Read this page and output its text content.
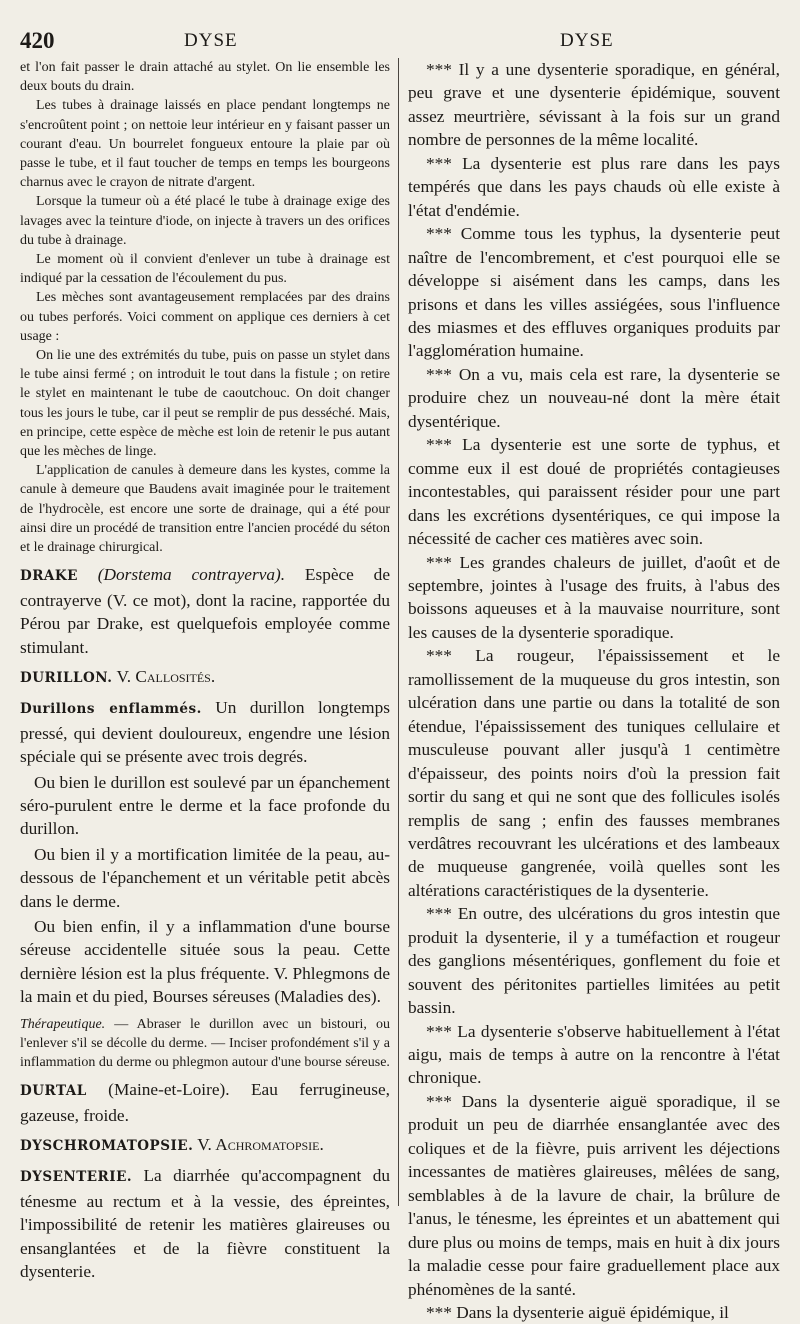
420	DYSE	DYSE

et l'on fait passer le drain attaché au stylet. On lie ensemble les deux bouts du drain.

Les tubes à drainage laissés en place pendant longtemps ne s'encroûtent point ; on nettoie leur intérieur en y faisant passer un courant d'eau. Un bourrelet fongueux entoure la plaie par où passe le tube, et il faut toucher de temps en temps les bourgeons charnus avec le crayon de nitrate d'argent.

Lorsque la tumeur où a été placé le tube à drainage exige des lavages avec la teinture d'iode, on injecte à travers un des orifices du tube à drainage.

Le moment où il convient d'enlever un tube à drainage est indiqué par la cessation de l'écoulement du pus.

Les mèches sont avantageusement remplacées par des drains ou tubes perforés. Voici comment on applique ces derniers à cet usage :

On lie une des extrémités du tube, puis on passe un stylet dans le tube ainsi fermé ; on introduit le tout dans la fistule ; on retire le stylet en maintenant le tube de caoutchouc. On doit changer tous les jours le tube, car il peut se remplir de pus desséché. Mais, en principe, cette espèce de mèche est loin de retenir le pus autant que les mèches de linge.

L'application de canules à demeure dans les kystes, comme la canule à demeure que Baudens avait imaginée pour le traitement de l'hydrocèle, est encore une sorte de drainage, qui a été pour ainsi dire un procédé de transition entre l'ancien procédé du séton et le drainage chirurgical.

DRAKE (Dorstema contrayerva). Espèce de contrayerve (V. ce mot), dont la racine, rapportée du Pérou par Drake, est quelquefois employée comme stimulant.

DURILLON. V. Callosités.

Durillons enflammés. Un durillon longtemps pressé, qui devient douloureux, engendre une lésion spéciale qui se présente avec trois degrés.

Ou bien le durillon est soulevé par un épanchement séro-purulent entre le derme et la face profonde du durillon.

Ou bien il y a mortification limitée de la peau, au-dessous de l'épanchement et un véritable petit abcès dans le derme.

Ou bien enfin, il y a inflammation d'une bourse séreuse accidentelle située sous la peau. Cette dernière lésion est la plus fréquente. V. Phlegmons de la main et du pied, Bourses séreuses (Maladies des).

Thérapeutique. — Abraser le durillon avec un bistouri, ou l'enlever s'il se décolle du derme. — Inciser profondément s'il y a inflammation du derme ou phlegmon autour d'une bourse séreuse.

DURTAL (Maine-et-Loire). Eau ferrugineuse, gazeuse, froide.

DYSCHROMATOPSIE. V. Achromatopsie.

DYSENTERIE. La diarrhée qu'accompagnent du ténesme au rectum et à la vessie, des épreintes, l'impossibilité de retenir les matières glaireuses ou ensanglantées et de la fièvre constituent la dysenterie.

*** Il y a une dysenterie sporadique, en général, peu grave et une dysenterie épidémique, souvent assez meurtrière, sévissant à la fois sur un grand nombre de personnes de la même localité.

*** La dysenterie est plus rare dans les pays tempérés que dans les pays chauds où elle existe à l'état d'endémie.

*** Comme tous les typhus, la dysenterie peut naître de l'encombrement, et c'est pourquoi elle se développe si aisément dans les camps, dans les prisons et dans les villes assiégées, sous l'influence des miasmes et des effluves organiques produits par l'agglomération humaine.

*** On a vu, mais cela est rare, la dysenterie se produire chez un nouveau-né dont la mère était dysentérique.

*** La dysenterie est une sorte de typhus, et comme eux il est doué de propriétés contagieuses incontestables, qui paraissent résider pour une part dans les excrétions dysentériques, ce qui impose la nécessité de cacher ces matières avec soin.

*** Les grandes chaleurs de juillet, d'août et de septembre, jointes à l'usage des fruits, à l'abus des boissons aqueuses et à la mauvaise nourriture, sont les causes de la dysenterie sporadique.

*** La rougeur, l'épaississement et le ramollissement de la muqueuse du gros intestin, son ulcération dans une partie ou dans la totalité de son étendue, l'épaississement des tuniques cellulaire et musculeuse pouvant aller jusqu'à 1 centimètre d'épaisseur, des points noirs d'où la pression fait sortir du sang et qui ne sont que des follicules isolés remplis de sang ; enfin des fausses membranes verdâtres recouvrant les ulcérations et des lambeaux de muqueuse gangrenée, voilà quelles sont les altérations caractéristiques de la dysenterie.

*** En outre, des ulcérations du gros intestin que produit la dysenterie, il y a tuméfaction et rougeur des ganglions mésentériques, gonflement du foie et souvent des péritonites partielles limitées au petit bassin.

*** La dysenterie s'observe habituellement à l'état aigu, mais de temps à autre on la rencontre à l'état chronique.

*** Dans la dysenterie aiguë sporadique, il se produit un peu de diarrhée ensanglantée avec des coliques et de la fièvre, puis arrivent les déjections incessantes de matières glaireuses, mêlées de sang, semblables à de la lavure de chair, la brûlure de l'anus, le ténesme, les épreintes et un abattement qui dure plus ou moins de temps, mais en huit à dix jours la maladie cesse pour faire graduellement place aux phénomènes de la santé.

*** Dans la dysenterie aiguë épidémique, il
